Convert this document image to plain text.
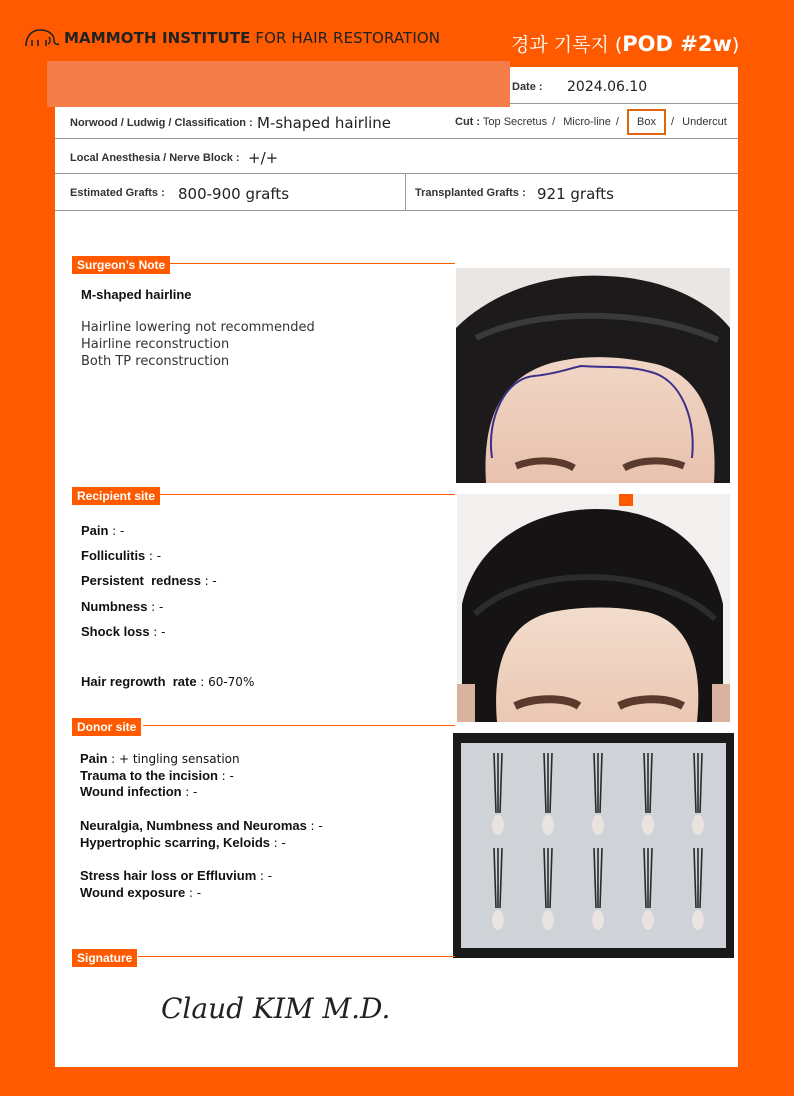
MAMMOTH INSTITUTE FOR HAIR RESTORATION	경과 기록지 (POD #2w)
Date : 2024.06.10
Norwood / Ludwig / Classification : M-shaped hairline	Cut : Top Secretus / Micro-line / Box / Undercut
Local Anesthesia / Nerve Block : +/+
Estimated Grafts : 800-900 grafts	Transplanted Grafts : 921 grafts
Surgeon’s Note
M-shaped hairline
Hairline lowering not recommended
Hairline reconstruction
Both TP reconstruction
Recipient site
Pain : -
Folliculitis : -
Persistent  redness : -
Numbness : -
Shock loss : -
Hair regrowth  rate : 60-70%
Donor site
Pain : + tingling sensation
Trauma to the incision : -
Wound infection : -
Neuralgia, Numbness and Neuromas : -
Hypertrophic scarring, Keloids : -
Stress hair loss or Effluvium : -
Wound exposure : -
Signature
Claud KIM M.D.
